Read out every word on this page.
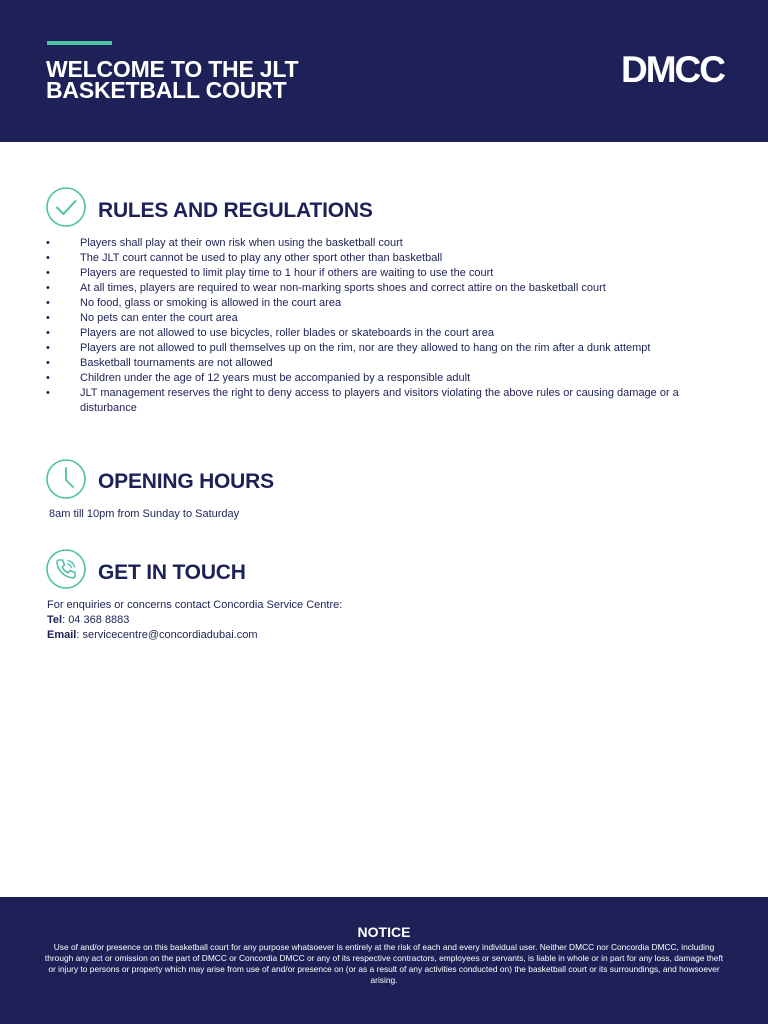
WELCOME TO THE JLT
BASKETBALL COURT	DMCC
RULES AND REGULATIONS
• Players shall play at their own risk when using the basketball court
• The JLT court cannot be used to play any other sport other than basketball
• Players are requested to limit play time to 1 hour if others are waiting to use the court
• At all times, players are required to wear non-marking sports shoes and correct attire on the basketball court
• No food, glass or smoking is allowed in the court area
• No pets can enter the court area
• Players are not allowed to use bicycles, roller blades or skateboards in the court area
• Players are not allowed to pull themselves up on the rim, nor are they allowed to hang on the rim after a dunk attempt
• Basketball tournaments are not allowed
• Children under the age of 12 years must be accompanied by a responsible adult
• JLT management reserves the right to deny access to players and visitors violating the above rules or causing damage or a disturbance
OPENING HOURS
8am till 10pm from Sunday to Saturday
GET IN TOUCH
For enquiries or concerns contact Concordia Service Centre:
Tel: 04 368 8883
Email: servicecentre@concordiadubai.com
NOTICE
Use of and/or presence on this basketball court for any purpose whatsoever is entirely at the risk of each and every individual user. Neither DMCC nor Concordia DMCC, including through any act or omission on the part of DMCC or Concordia DMCC or any of its respective contractors, employees or servants, is liable in whole or in part for any loss, damage theft or injury to persons or property which may arise from use of and/or presence on (or as a result of any activities conducted on) the basketball court or its surroundings, and howsoever arising.
